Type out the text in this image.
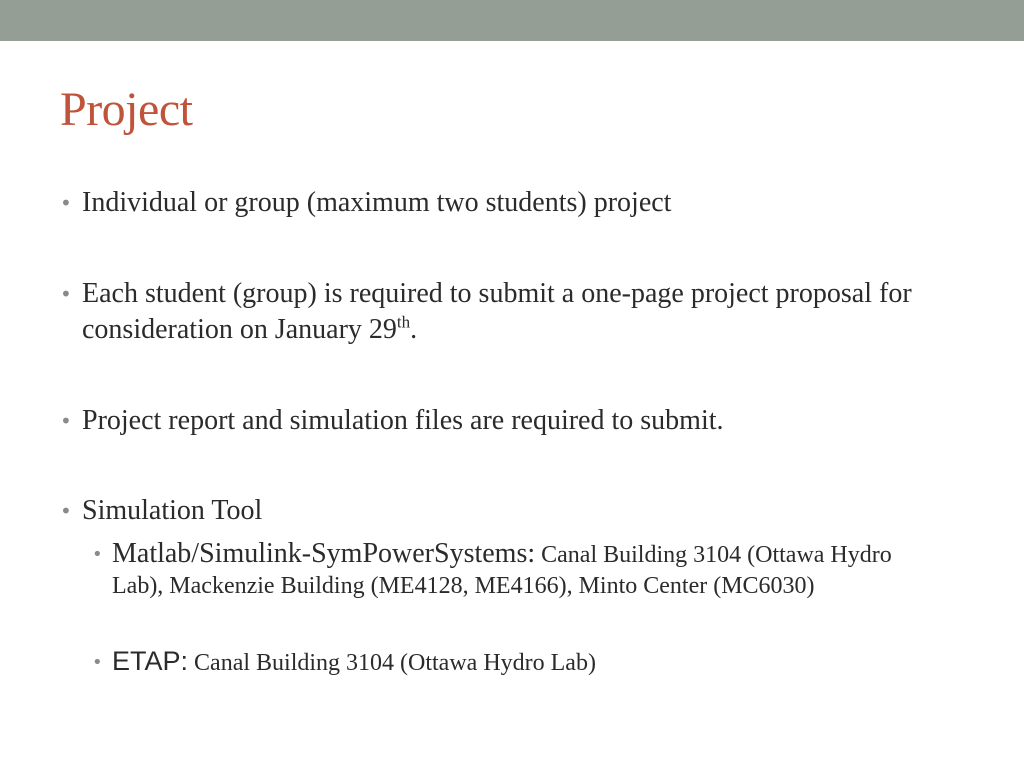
Project
• Individual or group (maximum two students) project
• Each student (group) is required to submit a one-page project proposal for consideration on January 29th.
• Project report and simulation files are required to submit.
• Simulation Tool
• Matlab/Simulink-SymPowerSystems: Canal Building 3104 (Ottawa Hydro Lab), Mackenzie Building (ME4128, ME4166), Minto Center (MC6030)
• ETAP: Canal Building 3104 (Ottawa Hydro Lab)
